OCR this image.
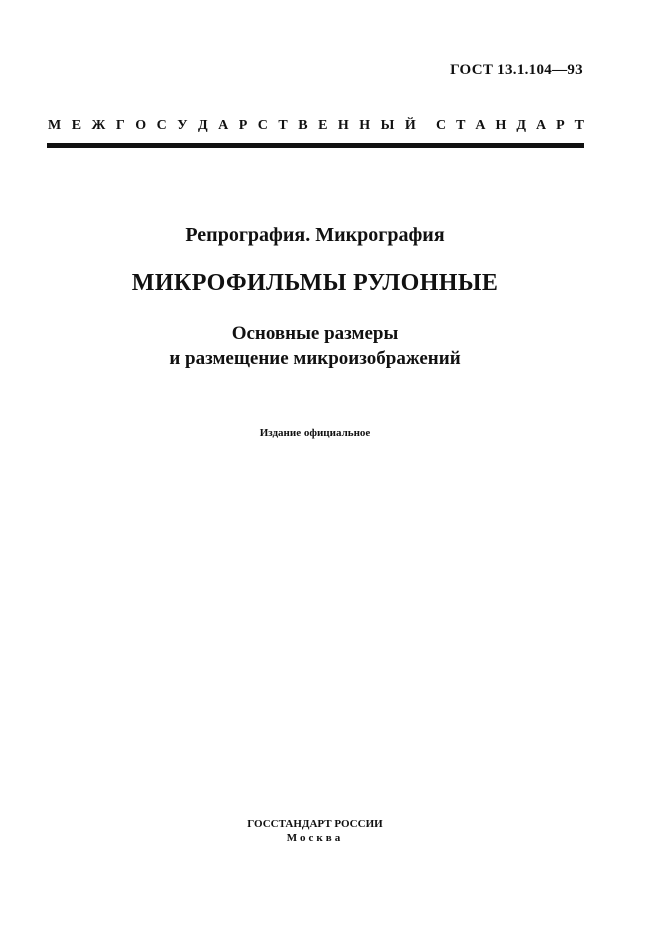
ГОСТ 13.1.104—93
М Е Ж Г О С У Д А Р С Т В Е Н Н Ы Й С Т А Н Д А Р Т
Репрография. Микрография
МИКРОФИЛЬМЫ РУЛОННЫЕ
Основные размеры
и размещение микроизображений
Издание официальное
ГОССТАНДАРТ РОССИИ
Москва
